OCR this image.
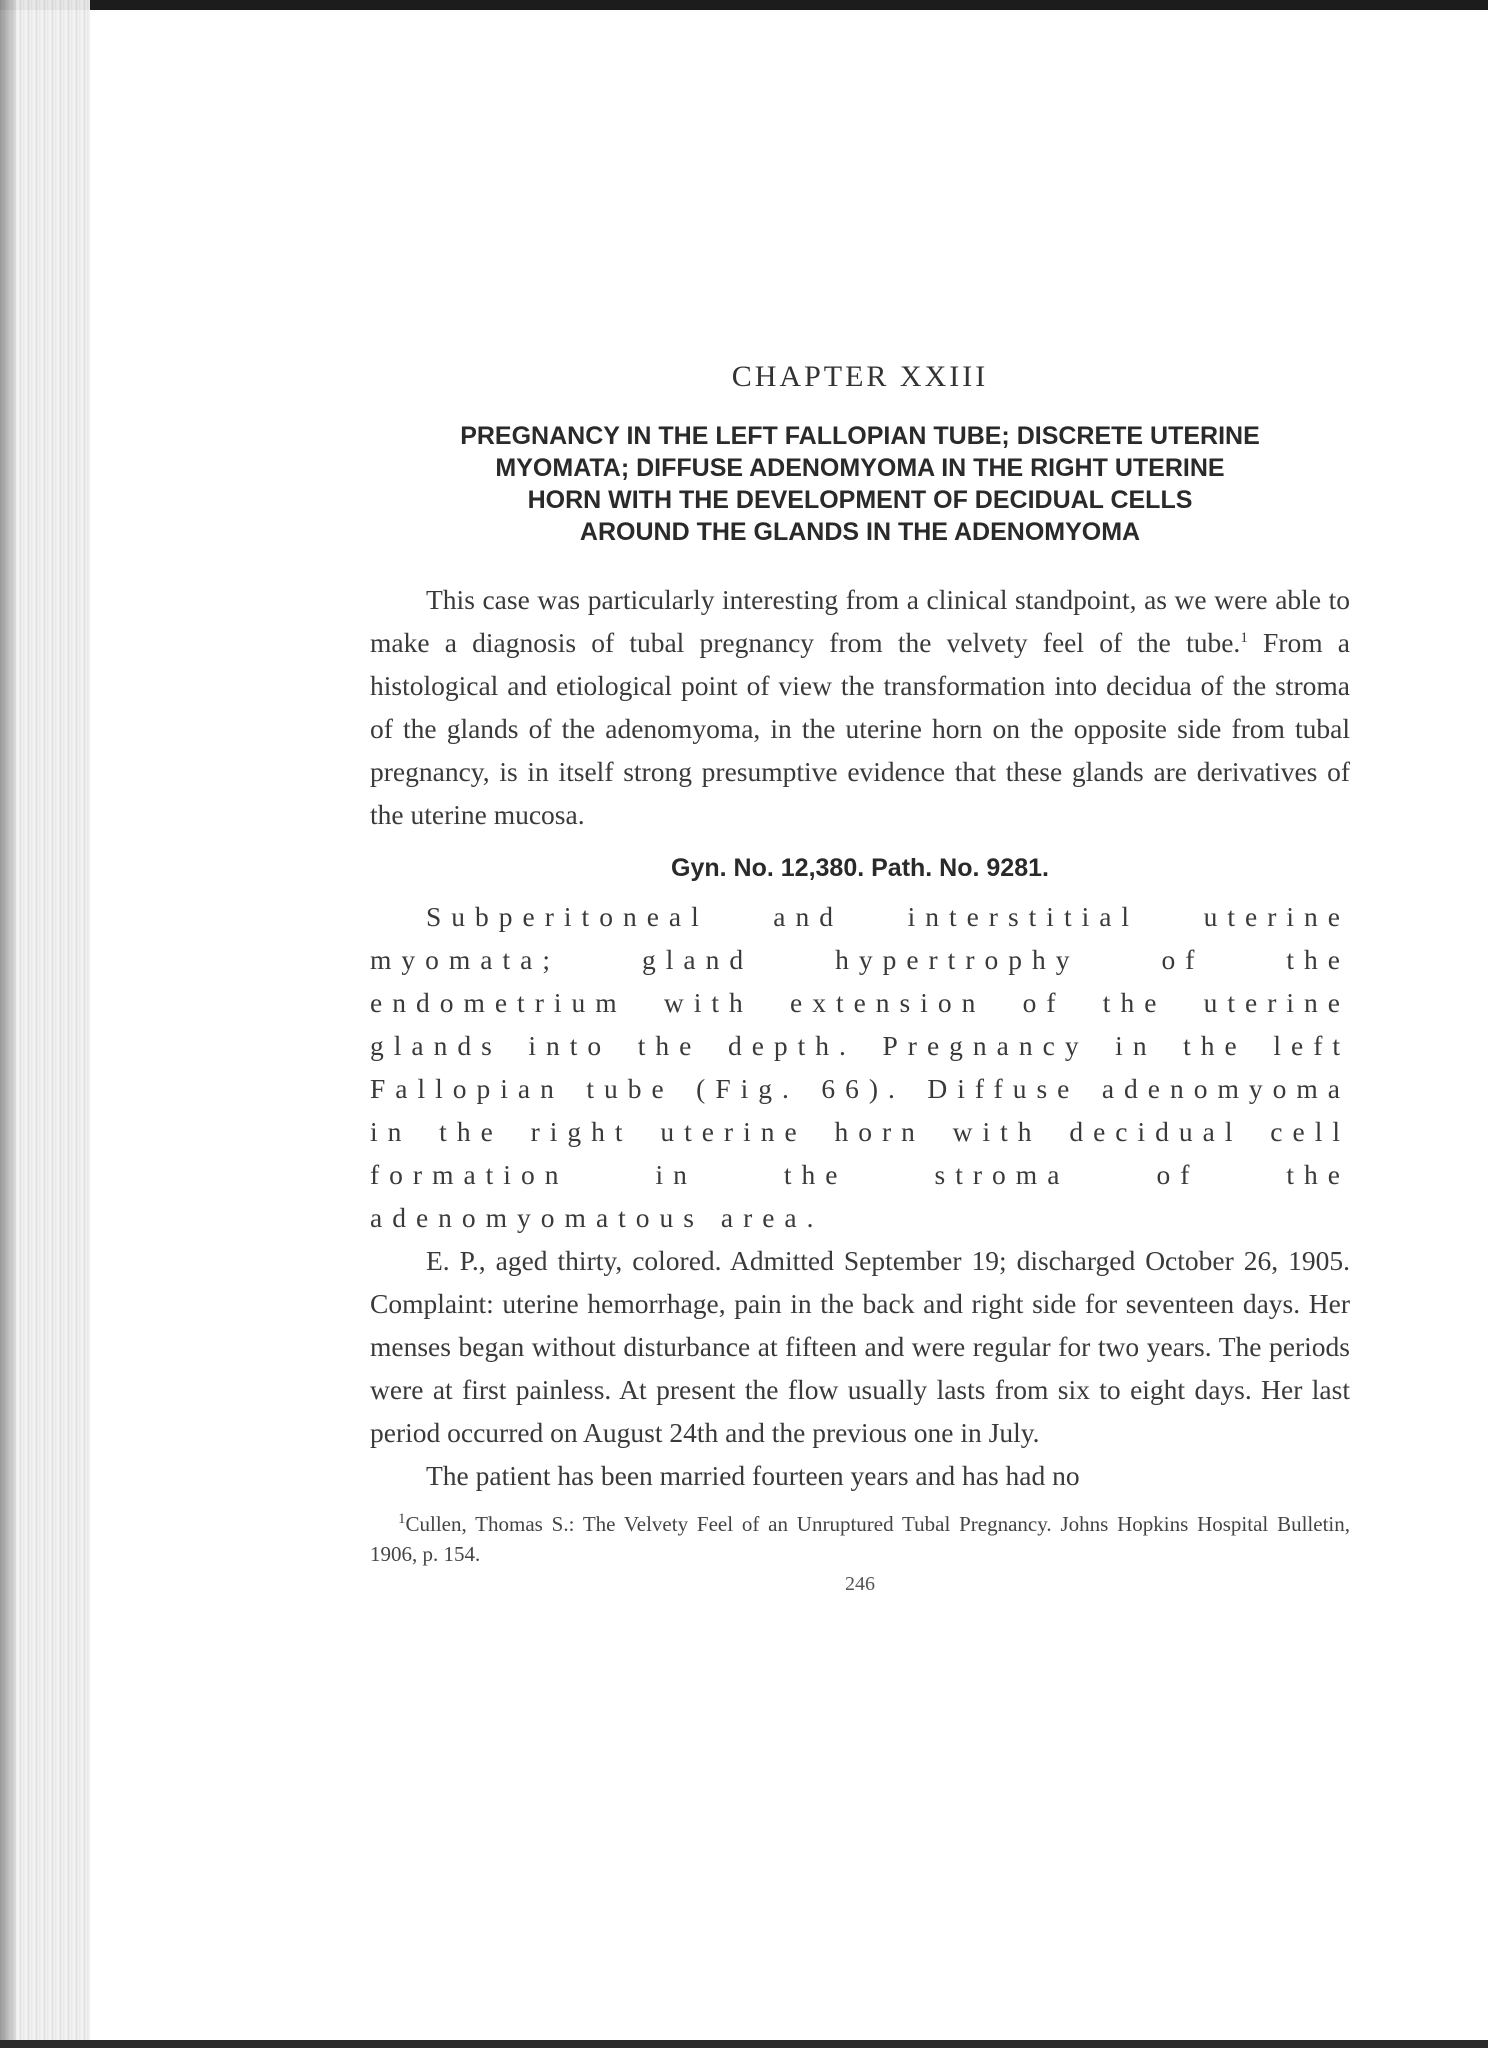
CHAPTER XXIII
PREGNANCY IN THE LEFT FALLOPIAN TUBE; DISCRETE UTERINE
MYOMATA; DIFFUSE ADENOMYOMA IN THE RIGHT UTERINE
HORN WITH THE DEVELOPMENT OF DECIDUAL CELLS
AROUND THE GLANDS IN THE ADENOMYOMA

This case was particularly interesting from a clinical standpoint, as we were able to make a diagnosis of tubal pregnancy from the velvety feel of the tube.$^1$ From a histological and etiological point of view the transformation into decidua of the stroma of the glands of the adenomyoma, in the uterine horn on the opposite side from tubal pregnancy, is in itself strong presumptive evidence that these glands are derivatives of the uterine mucosa.

Gyn. No. 12,380. Path. No. 9281.

Subperitoneal and interstitial uterine myomata; gland hypertrophy of the endometrium with extension of the uterine glands into the depth. Pregnancy in the left Fallopian tube (Fig. 66). Diffuse adenomyoma in the right uterine horn with decidual cell formation in the stroma of the adenomyomatous area.

E. P., aged thirty, colored. Admitted September 19; discharged October 26, 1905. Complaint: uterine hemorrhage, pain in the back and right side for seventeen days. Her menses began without disturbance at fifteen and were regular for two years. The periods were at first painless. At present the flow usually lasts from six to eight days. Her last period occurred on August 24th and the previous one in July.

The patient has been married fourteen years and has had no

$^1$Cullen, Thomas S.: The Velvety Feel of an Unruptured Tubal Pregnancy. Johns Hopkins Hospital Bulletin, 1906, p. 154.
246
